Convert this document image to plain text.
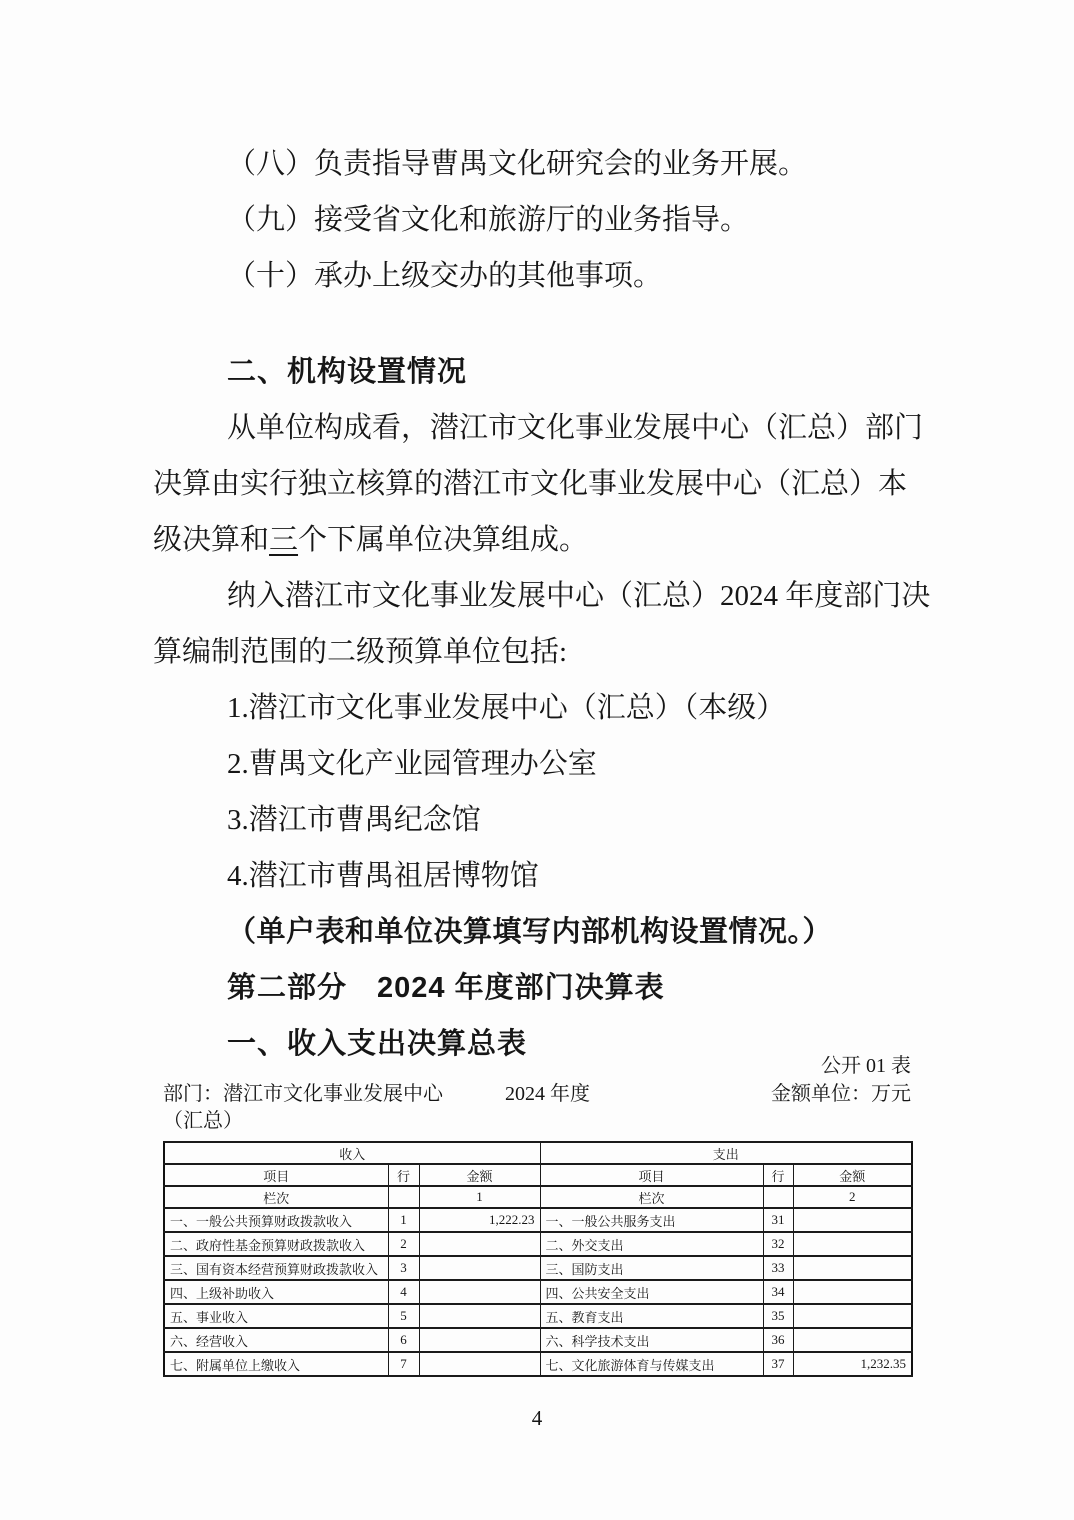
（八）负责指导曹禺文化研究会的业务开展。
（九）接受省文化和旅游厅的业务指导。
（十）承办上级交办的其他事项。
二、机构设置情况
从单位构成看，潜江市文化事业发展中心（汇总）部门
决算由实行独立核算的潜江市文化事业发展中心（汇总）本
级决算和三个下属单位决算组成。
纳入潜江市文化事业发展中心（汇总）2024 年度部门决
算编制范围的二级预算单位包括:
1.潜江市文化事业发展中心（汇总）（本级）
2.曹禺文化产业园管理办公室
3.潜江市曹禺纪念馆
4.潜江市曹禺祖居博物馆
（单户表和单位决算填写内部机构设置情况。）
第二部分　2024 年度部门决算表
一、收入支出决算总表
公开 01 表
部门：潜江市文化事业发展中心	2024 年度	金额单位：万元
（汇总）
收入			支出		
项目	行	金额	项目	行	金额
栏次		1	栏次		2
一、一般公共预算财政拨款收入	1	1,222.23	一、一般公共服务支出	31	
二、政府性基金预算财政拨款收入	2		二、外交支出	32	
三、国有资本经营预算财政拨款收入	3		三、国防支出	33	
四、上级补助收入	4		四、公共安全支出	34	
五、事业收入	5		五、教育支出	35	
六、经营收入	6		六、科学技术支出	36	
七、附属单位上缴收入	7		七、文化旅游体育与传媒支出	37	1,232.35
4
